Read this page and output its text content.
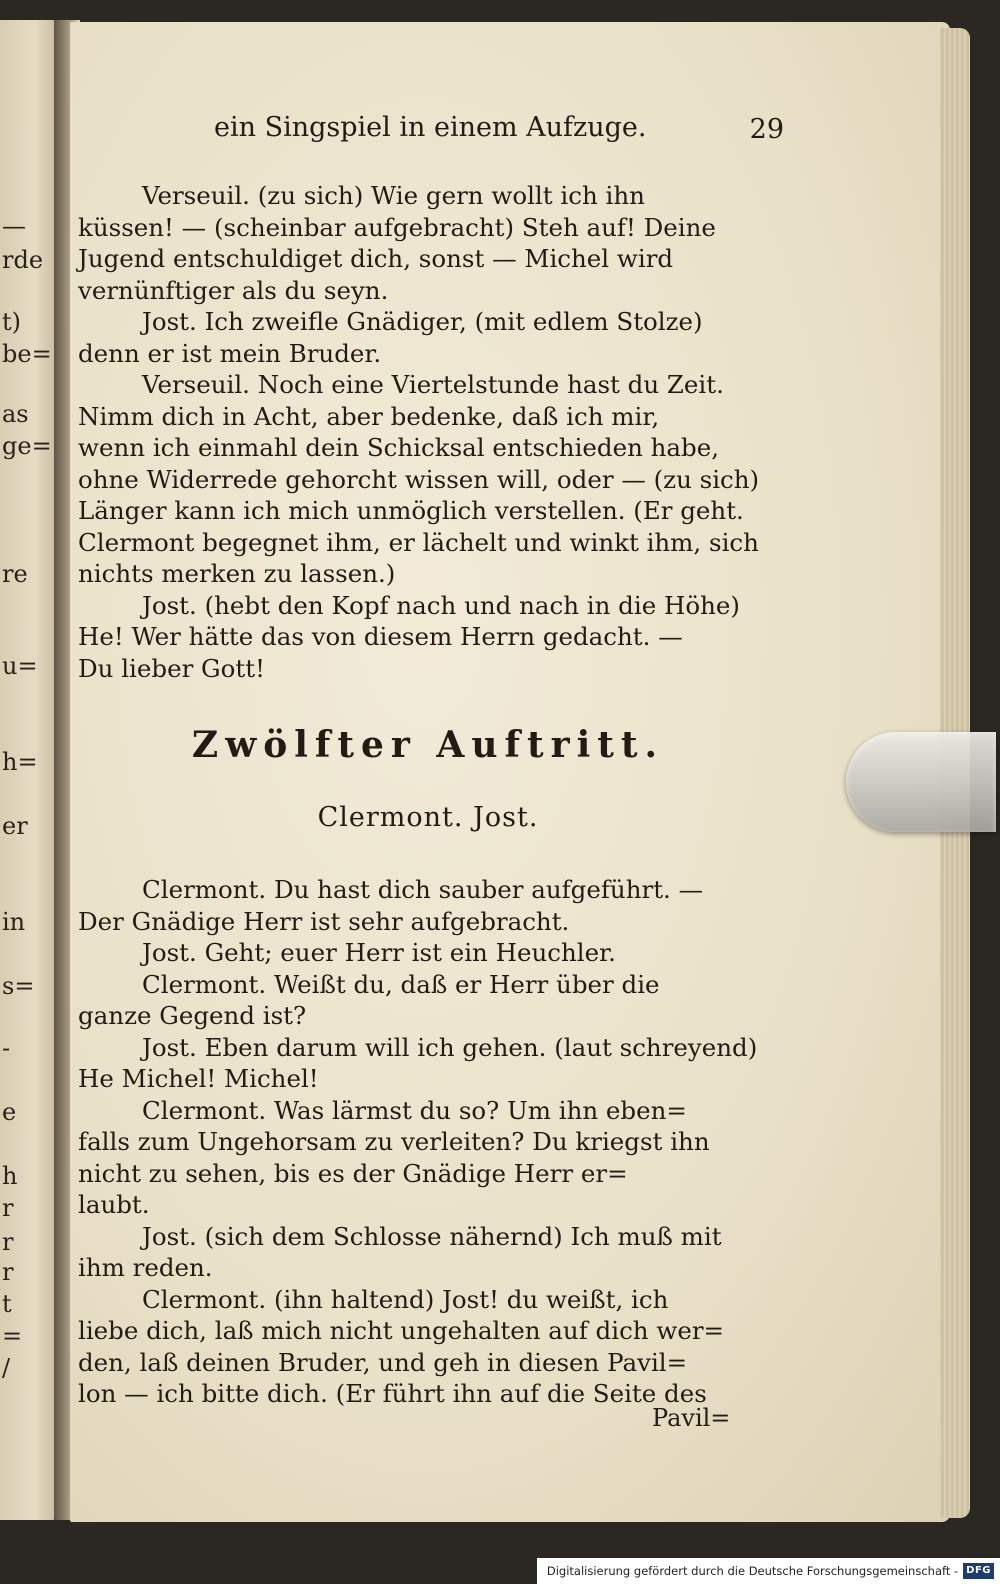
—
rde
t)
be=
as
ge=
re
u=
h=
er
in
s=
-
e
h
r
r
r
t
=
/
ein Singspiel in einem Aufzuge.	29

Verseuil. (zu sich) Wie gern wollt ich ihn
küssen! — (scheinbar aufgebracht) Steh auf! Deine
Jugend entschuldiget dich, sonst — Michel wird
vernünftiger als du seyn.

Jost. Ich zweifle Gnädiger, (mit edlem Stolze)
denn er ist mein Bruder.

Verseuil. Noch eine Viertelstunde hast du Zeit.
Nimm dich in Acht, aber bedenke, daß ich mir,
wenn ich einmahl dein Schicksal entschieden habe,
ohne Widerrede gehorcht wissen will, oder — (zu sich)
Länger kann ich mich unmöglich verstellen. (Er geht.
Clermont begegnet ihm, er lächelt und winkt ihm, sich
nichts merken zu lassen.)

Jost. (hebt den Kopf nach und nach in die Höhe)
He! Wer hätte das von diesem Herrn gedacht. —
Du lieber Gott!

Zwölfter Auftritt.
Clermont. Jost.

Clermont. Du hast dich sauber aufgeführt. —
Der Gnädige Herr ist sehr aufgebracht.

Jost. Geht; euer Herr ist ein Heuchler.

Clermont. Weißt du, daß er Herr über die
ganze Gegend ist?

Jost. Eben darum will ich gehen. (laut schreyend)
He Michel! Michel!

Clermont. Was lärmst du so? Um ihn eben=
falls zum Ungehorsam zu verleiten? Du kriegst ihn
nicht zu sehen, bis es der Gnädige Herr er=
laubt.

Jost. (sich dem Schlosse nähernd) Ich muß mit
ihm reden.

Clermont. (ihn haltend) Jost! du weißt, ich
liebe dich, laß mich nicht ungehalten auf dich wer=
den, laß deinen Bruder, und geh in diesen Pavil=
lon — ich bitte dich. (Er führt ihn auf die Seite des

Pavil=
Digitalisierung gefördert durch die Deutsche Forschungsgemeinschaft - DFG
